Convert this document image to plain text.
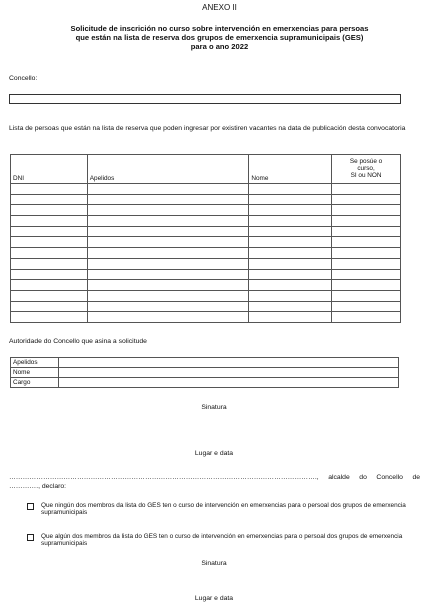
ANEXO II
Solicitude de inscrición no curso sobre intervención en emerxencias para persoas
que están na lista de reserva dos grupos de emerxencia supramunicipais (GES)
para o ano 2022
Concello:
Lista de persoas que están na lista de reserva que poden ingresar por existiren vacantes na data de publicación desta convocatoria
DNI	Apelidos	Nome	Se posúe o
curso,
SI ou NON

Autoridade do Concello que asina a solicitude
Apelidos	
Nome	
Cargo	
Sinatura
Lugar e data
………………………………………………………………………………………………………………………., alcalde do Concello de …………., declaro:
Que ningún dos membros da lista do GES ten o curso de intervención en emerxencias para o persoal dos grupos de emerxencia supramunicipais
Que algún dos membros da lista do GES ten o curso de intervención en emerxencias para o persoal dos grupos de emerxencia supramunicipais
Sinatura
Lugar e data
